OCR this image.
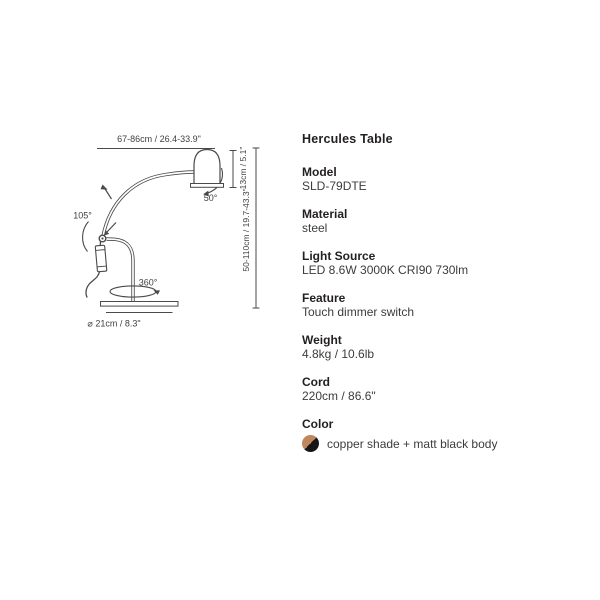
67-86cm / 26.4-33.9"
50°
13cm / 5.1"
50-110cm / 19.7-43.3"
105°
360°
⌀ 21cm / 8.3"
Hercules Table
Model
SLD-79DTE
Material
steel
Light Source
LED 8.6W 3000K CRI90 730lm
Feature
Touch dimmer switch
Weight
4.8kg / 10.6lb
Cord
220cm / 86.6"
Color
copper shade + matt black body
